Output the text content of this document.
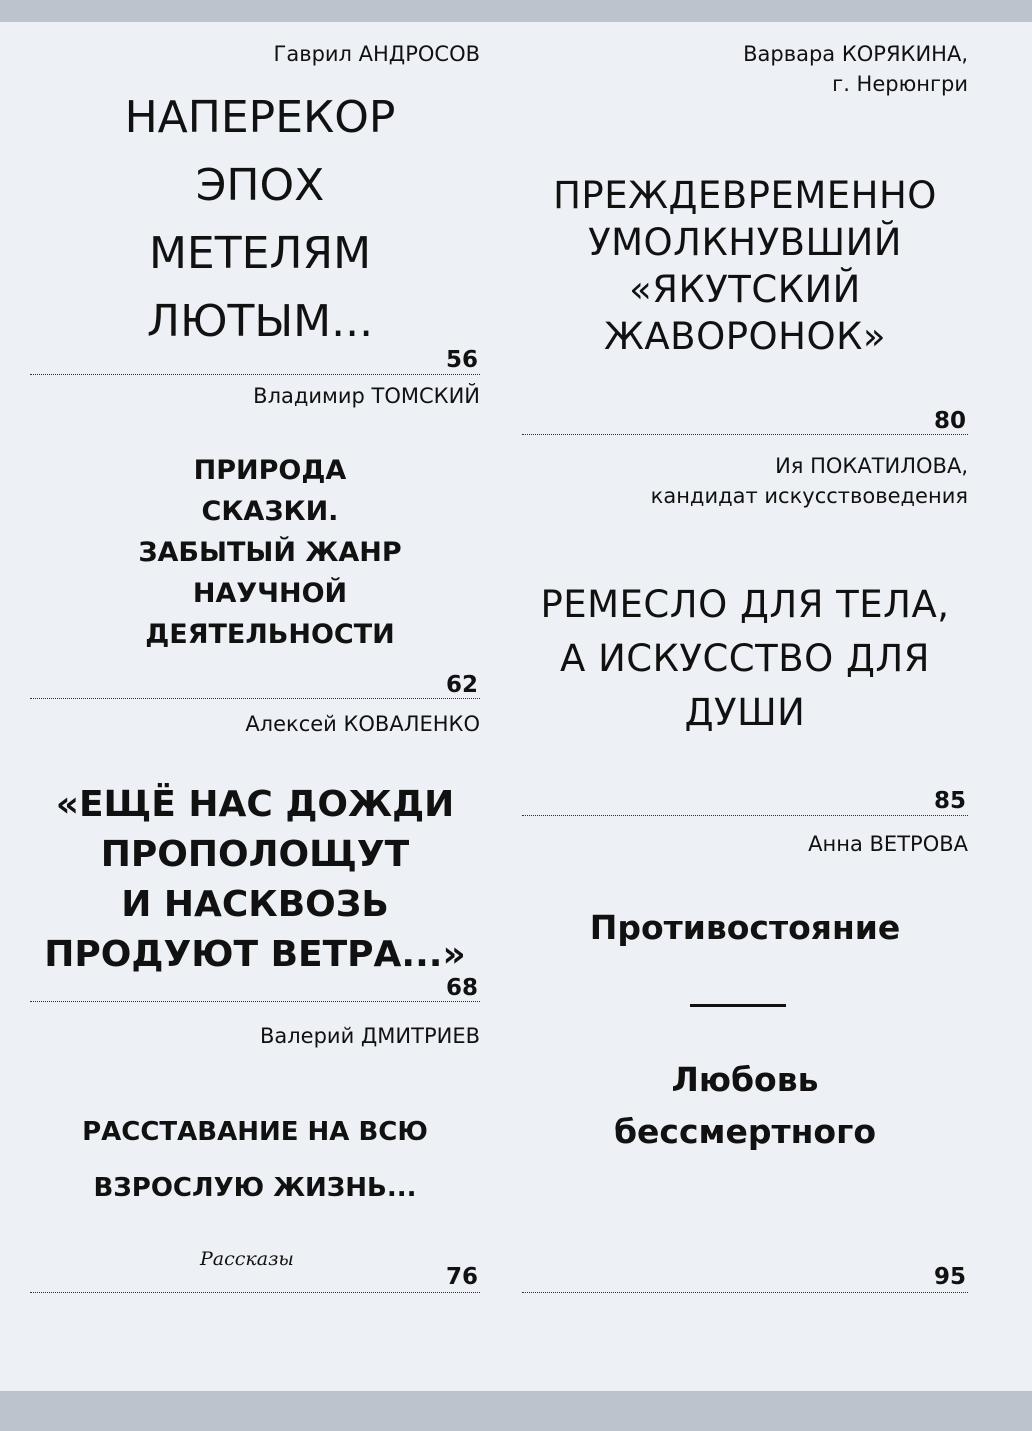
Гаврил АНДРОСОВ
НАПЕРЕКОР
ЭПОХ
МЕТЕЛЯМ
ЛЮТЫМ...
56
Владимир ТОМСКИЙ
ПРИРОДА
СКАЗКИ.
ЗАБЫТЫЙ ЖАНР
НАУЧНОЙ
ДЕЯТЕЛЬНОСТИ
62
Алексей КОВАЛЕНКО
«ЕЩЁ НАС ДОЖДИ
ПРОПОЛОЩУТ
И НАСКВОЗЬ
ПРОДУЮТ ВЕТРА...»
68
Валерий ДМИТРИЕВ
РАССТАВАНИЕ НА ВСЮ
ВЗРОСЛУЮ ЖИЗНЬ...
Рассказы
76
Варвара КОРЯКИНА,
г. Нерюнгри
ПРЕЖДЕВРЕМЕННО
УМОЛКНУВШИЙ
«ЯКУТСКИЙ
ЖАВОРОНОК»
80
Ия ПОКАТИЛОВА,
кандидат искусствоведения
РЕМЕСЛО ДЛЯ ТЕЛА,
А ИСКУССТВО ДЛЯ
ДУШИ
85
Анна ВЕТРОВА
Противостояние
Любовь
бессмертного
95
